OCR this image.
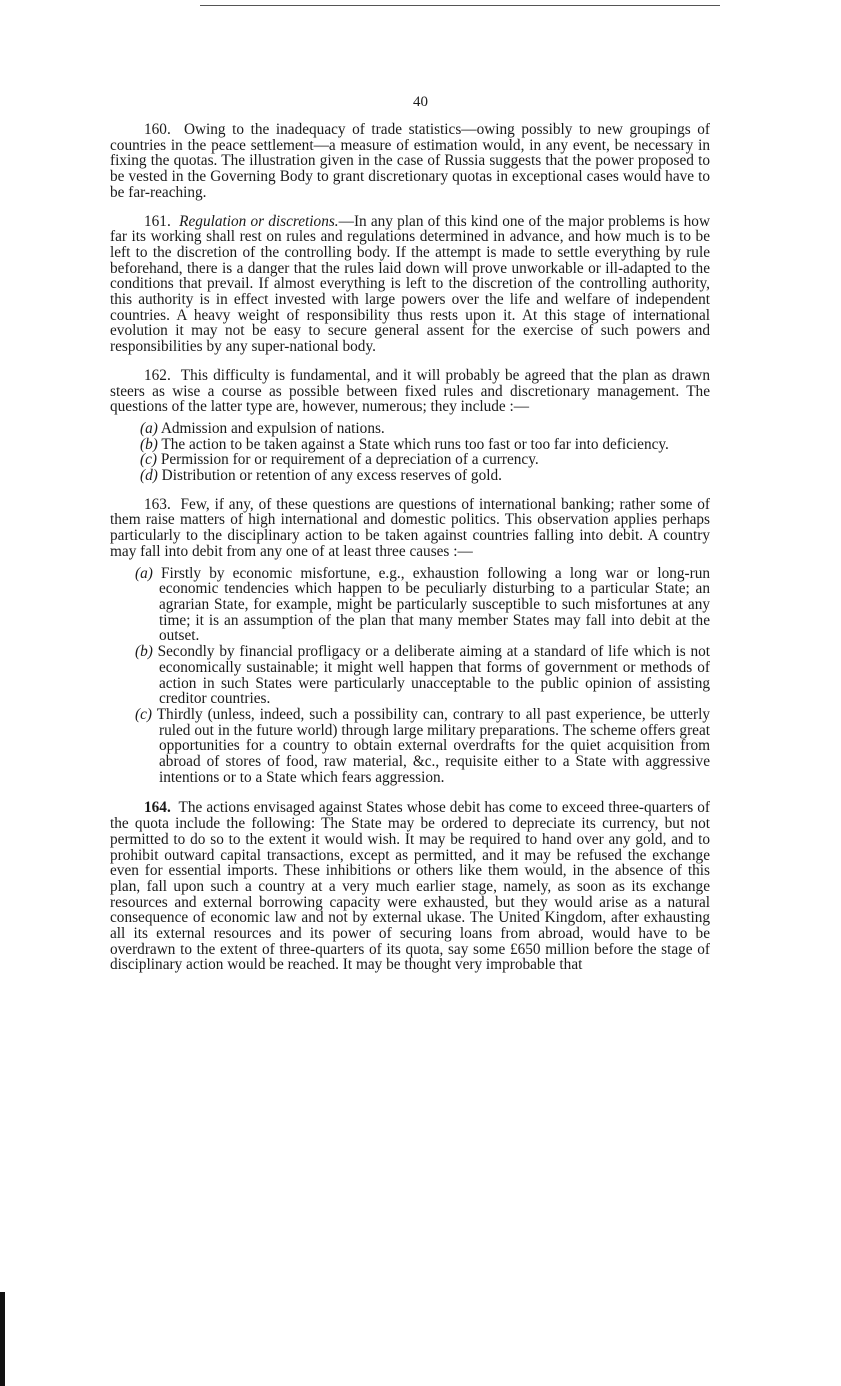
40

160. Owing to the inadequacy of trade statistics—owing possibly to new groupings of countries in the peace settlement—a measure of estimation would, in any event, be necessary in fixing the quotas. The illustration given in the case of Russia suggests that the power proposed to be vested in the Governing Body to grant discretionary quotas in exceptional cases would have to be far-reaching.

161. Regulation or discretions.—In any plan of this kind one of the major problems is how far its working shall rest on rules and regulations determined in advance, and how much is to be left to the discretion of the controlling body. If the attempt is made to settle everything by rule beforehand, there is a danger that the rules laid down will prove unworkable or ill-adapted to the conditions that prevail. If almost everything is left to the discretion of the controlling authority, this authority is in effect invested with large powers over the life and welfare of independent countries. A heavy weight of responsibility thus rests upon it. At this stage of international evolution it may not be easy to secure general assent for the exercise of such powers and responsibilities by any super-national body.

162. This difficulty is fundamental, and it will probably be agreed that the plan as drawn steers as wise a course as possible between fixed rules and discretionary management. The questions of the latter type are, however, numerous; they include :—

(a) Admission and expulsion of nations.
(b) The action to be taken against a State which runs too fast or too far into deficiency.
(c) Permission for or requirement of a depreciation of a currency.
(d) Distribution or retention of any excess reserves of gold.

163. Few, if any, of these questions are questions of international banking; rather some of them raise matters of high international and domestic politics. This observation applies perhaps particularly to the disciplinary action to be taken against countries falling into debit. A country may fall into debit from any one of at least three causes :—

(a) Firstly by economic misfortune, e.g., exhaustion following a long war or long-run economic tendencies which happen to be peculiarly disturbing to a particular State; an agrarian State, for example, might be particularly susceptible to such misfortunes at any time; it is an assumption of the plan that many member States may fall into debit at the outset.
(b) Secondly by financial profligacy or a deliberate aiming at a standard of life which is not economically sustainable; it might well happen that forms of government or methods of action in such States were particularly unacceptable to the public opinion of assisting creditor countries.
(c) Thirdly (unless, indeed, such a possibility can, contrary to all past experience, be utterly ruled out in the future world) through large military preparations. The scheme offers great opportunities for a country to obtain external overdrafts for the quiet acquisition from abroad of stores of food, raw material, &c., requisite either to a State with aggressive intentions or to a State which fears aggression.

164. The actions envisaged against States whose debit has come to exceed three-quarters of the quota include the following: The State may be ordered to depreciate its currency, but not permitted to do so to the extent it would wish. It may be required to hand over any gold, and to prohibit outward capital transactions, except as permitted, and it may be refused the exchange even for essential imports. These inhibitions or others like them would, in the absence of this plan, fall upon such a country at a very much earlier stage, namely, as soon as its exchange resources and external borrowing capacity were exhausted, but they would arise as a natural consequence of economic law and not by external ukase. The United Kingdom, after exhausting all its external resources and its power of securing loans from abroad, would have to be overdrawn to the extent of three-quarters of its quota, say some £650 million before the stage of disciplinary action would be reached. It may be thought very improbable that
